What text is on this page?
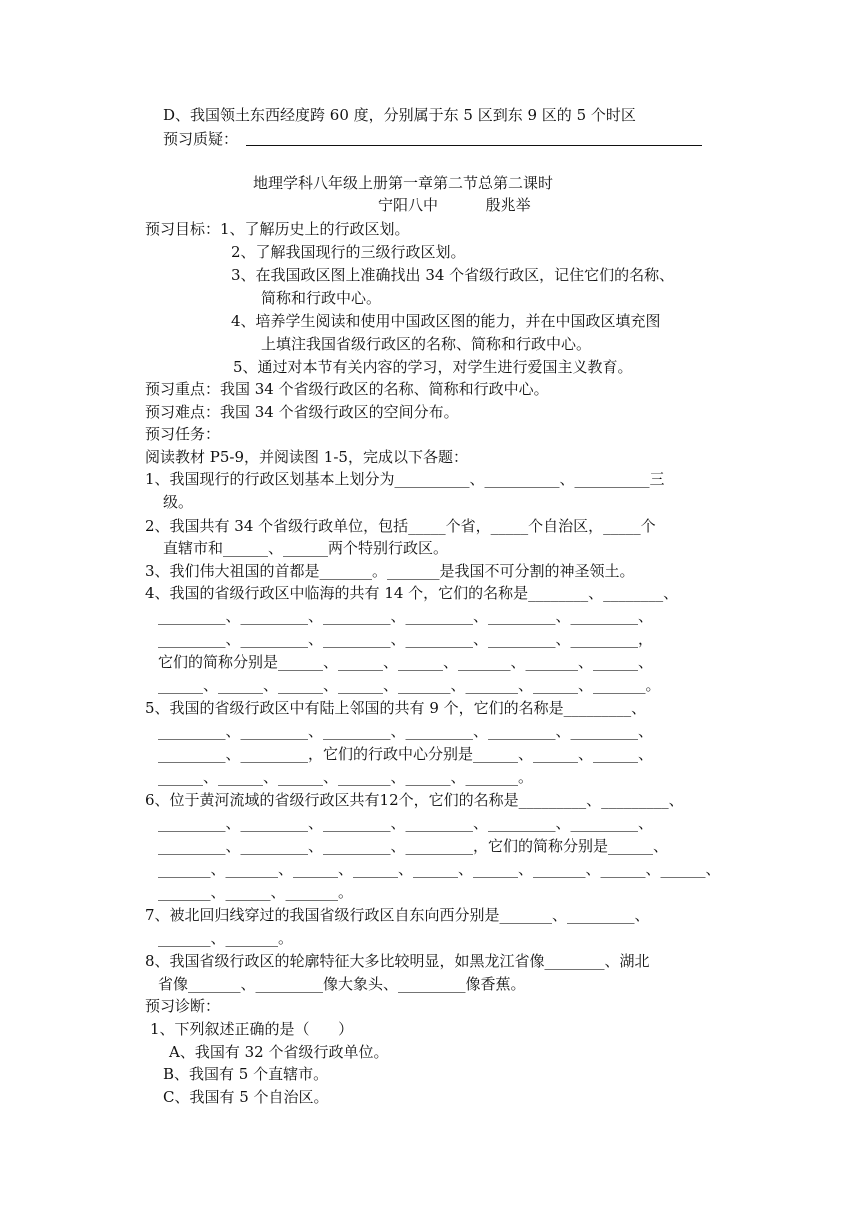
D、我国领土东西经度跨 60 度，分别属于东 5 区到东 9 区的 5 个时区
预习质疑：
地理学科八年级上册第一章第二节总第二课时
宁阳八中          殷兆举
预习目标：1、了解历史上的行政区划。
2、了解我国现行的三级行政区划。
3、在我国政区图上准确找出 34 个省级行政区，记住它们的名称、
简称和行政中心。
4、培养学生阅读和使用中国政区图的能力，并在中国政区填充图
上填注我国省级行政区的名称、简称和行政中心。
5、通过对本节有关内容的学习，对学生进行爱国主义教育。
预习重点：我国 34 个省级行政区的名称、简称和行政中心。
预习难点：我国 34 个省级行政区的空间分布。
预习任务：
阅读教材 P5-9，并阅读图 1-5，完成以下各题：
1、我国现行的行政区划基本上划分为__________、__________、__________三
级。
2、我国共有 34 个省级行政单位，包括_____个省，_____个自治区，_____个
直辖市和______、______两个特别行政区。
3、我们伟大祖国的首都是_______。_______是我国不可分割的神圣领土。
4、我国的省级行政区中临海的共有 14 个，它们的名称是________、________、
_________、_________、_________、_________、_________、_________、
_________、_________、_________、_________、_________、_________，
它们的简称分别是______、______、______、_______、_______、______、
______、______、______、______、_______、_______、______、_______。
5、我国的省级行政区中有陆上邻国的共有 9 个，它们的名称是_________、
_________、_________、_________、_________、_________、_________、
_________、_________，它们的行政中心分别是______、______、______、
______、______、______、_______、______、_______。
6、位于黄河流域的省级行政区共有12个，它们的名称是_________、_________、
_________、_________、_________、_________、_________、_________、
_________、_________、_________、_________，它们的简称分别是______、
_______、_______、______、______、______、______、_______、______、______、
_______、______、_______。
7、被北回归线穿过的我国省级行政区自东向西分别是_______、_________、
_______、_______。
8、我国省级行政区的轮廓特征大多比较明显，如黑龙江省像________、湖北
省像_______、_________像大象头、_________像香蕉。
预习诊断：
1、下列叙述正确的是（      ）
A、我国有 32 个省级行政单位。
B、我国有 5 个直辖市。
C、我国有 5 个自治区。
